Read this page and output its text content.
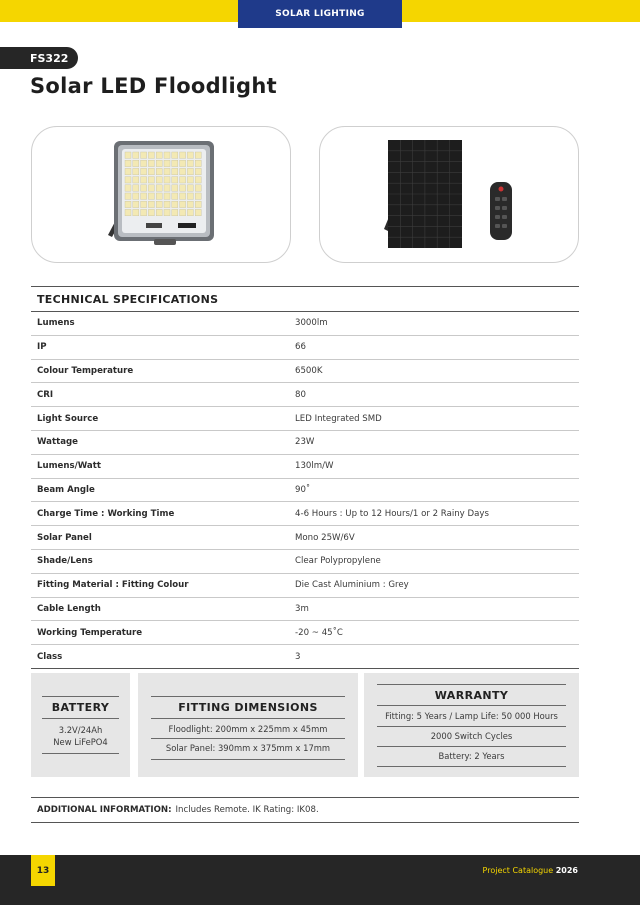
SOLAR LIGHTING
FS322
Solar LED Floodlight
TECHNICAL SPECIFICATIONS
Lumens	3000lm
IP	66
Colour Temperature	6500K
CRI	80
Light Source	LED Integrated SMD
Wattage	23W
Lumens/Watt	130lm/W
Beam Angle	90˚
Charge Time : Working Time	4-6 Hours : Up to 12 Hours/1 or 2 Rainy Days
Solar Panel	Mono 25W/6V
Shade/Lens	Clear Polypropylene
Fitting Material : Fitting Colour	Die Cast Aluminium : Grey
Cable Length	3m
Working Temperature	-20 ~ 45˚C
Class	3
BATTERY
3.2V/24Ah
New LiFePO4
FITTING DIMENSIONS
Floodlight: 200mm x 225mm x 45mm
Solar Panel: 390mm x 375mm x 17mm
WARRANTY
Fitting: 5 Years / Lamp Life: 50 000 Hours
2000 Switch Cycles
Battery: 2 Years
ADDITIONAL INFORMATION: Includes Remote. IK Rating: IK08.
13	Project Catalogue 2026
